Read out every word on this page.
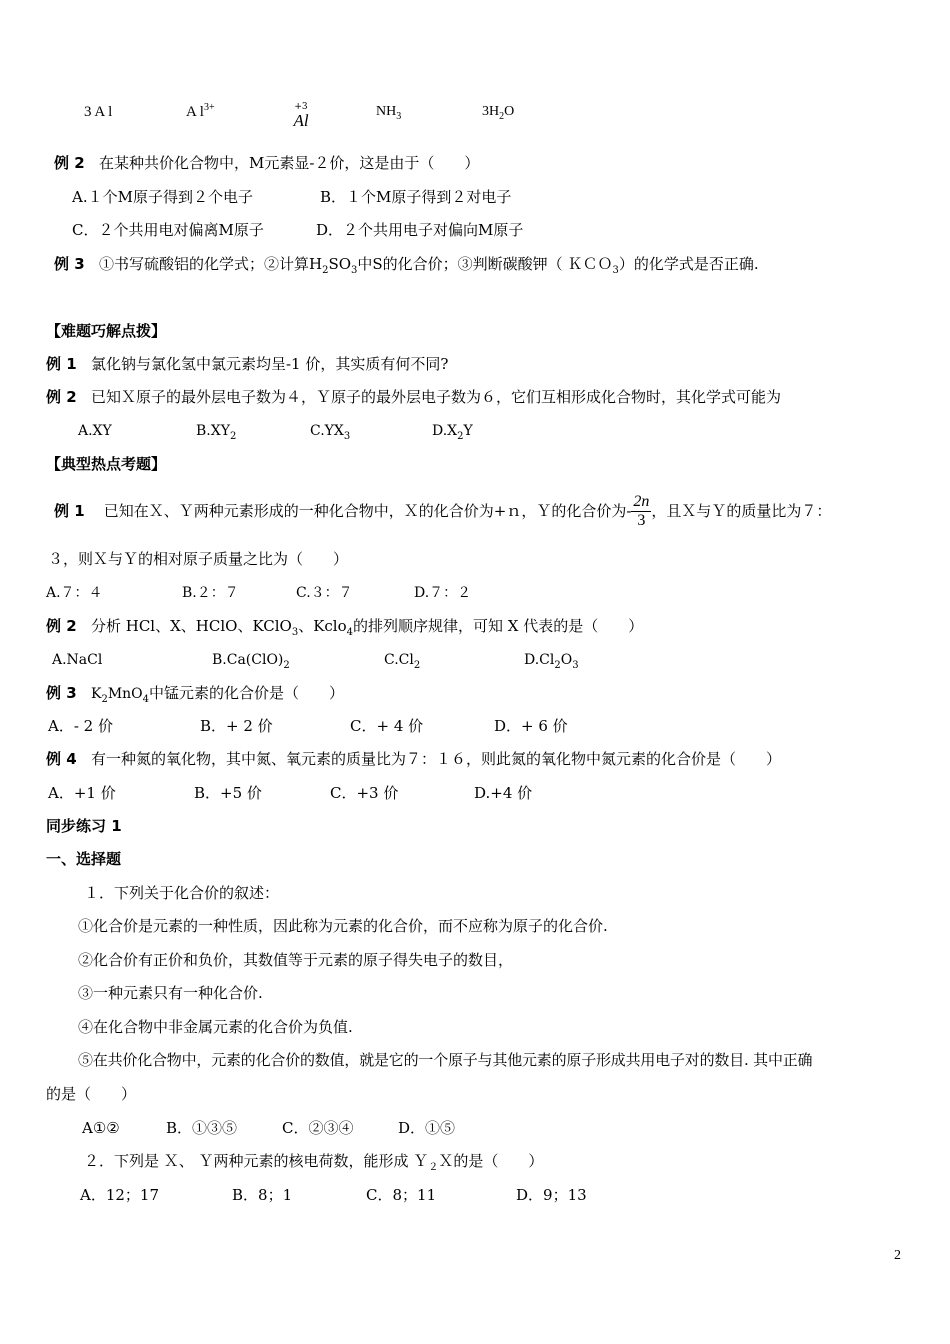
3 A l	A $l^{3+}$	+3
Al	$NH_3$	$3H_2O$
例 2 在某种共价化合物中，M元素显-２价，这是由于（　　）
A.１个M原子得到２个电子	B．１个M原子得到２对电子
C．２个共用电对偏离M原子	D．２个共用电子对偏向M原子
例 3 ①书写硫酸铝的化学式；②计算$H_2SO_3$中S的化合价；③判断碳酸钾（ ＫＣＯ$_3$）的化学式是否正确.
【难题巧解点拨】
例 1 氯化钠与氯化氢中氯元素均呈-1 价，其实质有何不同?
例 2 已知Ｘ原子的最外层电子数为４，Ｙ原子的最外层电子数为６，它们互相形成化合物时，其化学式可能为
A.XY	$B.XY_2$	$C.YX_3$	$D.X_2Y$
【典型热点考题】
例 1
已知在Ｘ、Ｙ两种元素形成的一种化合物中，Ｘ的化合价为+ｎ，Ｙ的化合价为- $\frac{2n}{3}$ ，且Ｘ与Ｙ的质量比为７：
３，则Ｘ与Ｙ的相对原子质量之比为（　　）
A.７：４	B.２：７	C.３：７	D.７：２
例 2 分析 HCl、X、HClO、KClO$_3$、Kclo$_4$的排列顺序规律，可知 X 代表的是（　　）
A.NaCl	$B.Ca(ClO)_2$	$C.Cl_2$	$D.Cl_2O_3$
例 3 $K_2MnO_4$中锰元素的化合价是（　　）
A．- 2 价	B．+ 2 价	C．+ 4 价	D．+ 6 价
例 4 有一种氮的氧化物，其中氮、氧元素的质量比为７：１６，则此氮的氧化物中氮元素的化合价是（　　）
A．+1 价	B．+5 价	C．+3 价	D.+4 价
同步练习 1
一、选择题
１．下列关于化合价的叙述：
①化合价是元素的一种性质，因此称为元素的化合价，而不应称为原子的化合价.
②化合价有正价和负价，其数值等于元素的原子得失电子的数目，
③一种元素只有一种化合价.
④在化合物中非金属元素的化合价为负值.
⑤在共价化合物中，元素的化合价的数值，就是它的一个原子与其他元素的原子形成共用电子对的数目. 其中正确
的是（　　）
A①②	B．①③⑤	C．②③④	D．①⑤
２．下列是 Ｘ、 Ｙ两种元素的核电荷数，能形成 Ｙ$_2$Ｘ的是（　　）
A．12；17	B．8；1	C．8；11	D．9；13
2
